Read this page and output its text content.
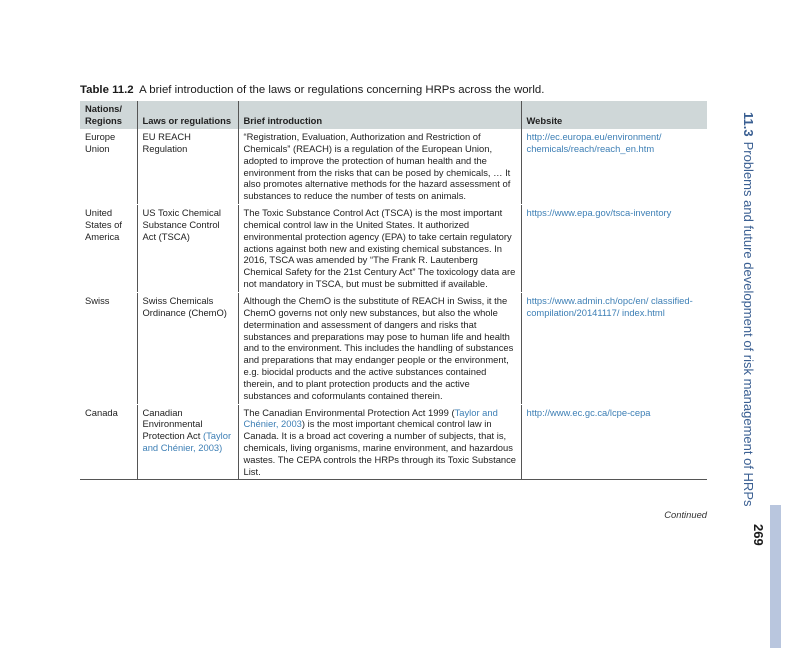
Table 11.2 A brief introduction of the laws or regulations concerning HRPs across the world.
Nations/ Regions	Laws or regulations	Brief introduction	Website
Europe Union	EU REACH Regulation	“Registration, Evaluation, Authorization and Restriction of Chemicals” (REACH) is a regulation of the European Union, adopted to improve the protection of human health and the environment from the risks that can be posed by chemicals, … It also promotes alternative methods for the hazard assessment of substances to reduce the number of tests on animals.	http://ec.europa.eu/environment/ chemicals/reach/reach_en.htm
United States of America	US Toxic Chemical Substance Control Act (TSCA)	The Toxic Substance Control Act (TSCA) is the most important chemical control law in the United States. It authorized environmental protection agency (EPA) to take certain regulatory actions against both new and existing chemical substances. In 2016, TSCA was amended by “The Frank R. Lautenberg Chemical Safety for the 21st Century Act” The toxicology data are not mandatory in TSCA, but must be submitted if available.	https://www.epa.gov/tsca-inventory
Swiss	Swiss Chemicals Ordinance (ChemO)	Although the ChemO is the substitute of REACH in Swiss, it the ChemO governs not only new substances, but also the whole determination and assessment of dangers and risks that substances and preparations may pose to human life and health and to the environment. This includes the handling of substances and preparations that may endanger people or the environment, e.g. biocidal products and the active substances contained therein, and to plant protection products and the active substances and coformulants contained therein.	https://www.admin.ch/opc/en/ classified-compilation/20141117/ index.html
Canada	Canadian Environmental Protection Act (Taylor and Chénier, 2003)	The Canadian Environmental Protection Act 1999 (Taylor and Chénier, 2003) is the most important chemical control law in Canada. It is a broad act covering a number of subjects, that is, chemicals, living organisms, marine environment, and hazardous wastes. The CEPA controls the HRPs through its Toxic Substance List.	http://www.ec.gc.ca/lcpe-cepa
Continued
11.3Problems and future development of risk management of HRPs
269
